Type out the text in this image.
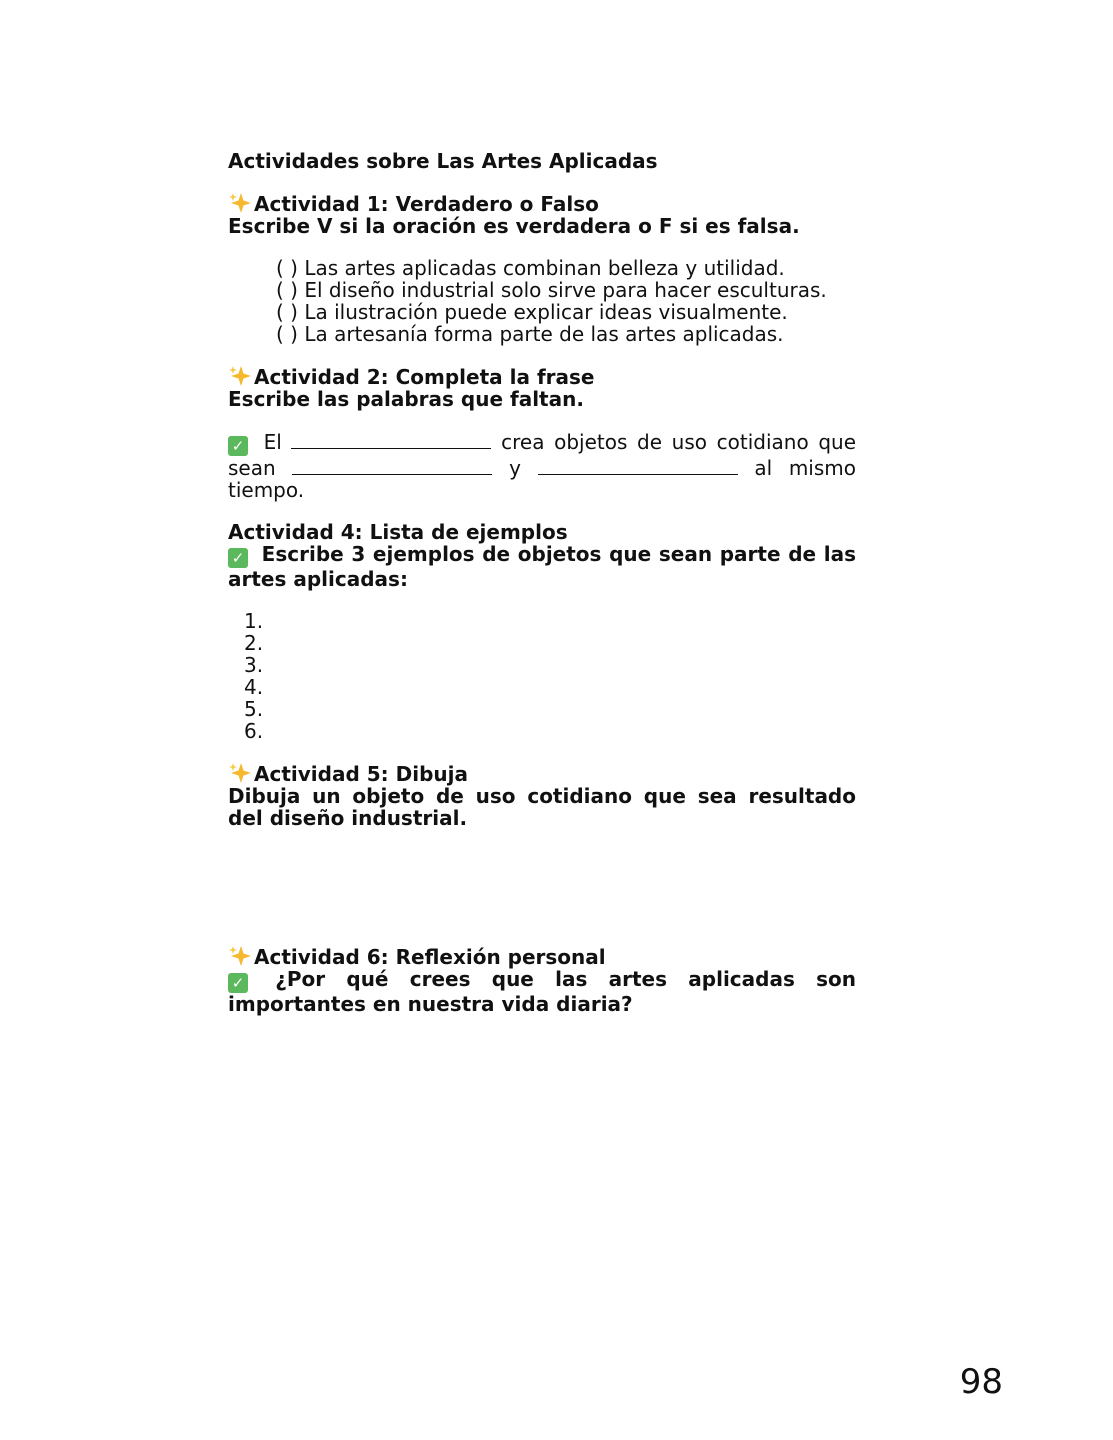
Actividades sobre Las Artes Aplicadas
Actividad 1: Verdadero o Falso
Escribe V si la oración es verdadera o F si es falsa.
( ) Las artes aplicadas combinan belleza y utilidad.
( ) El diseño industrial solo sirve para hacer esculturas.
( ) La ilustración puede explicar ideas visualmente.
( ) La artesanía forma parte de las artes aplicadas.
Actividad 2: Completa la frase
Escribe las palabras que faltan.
✓ El	crea objetos de uso cotidiano que sean	y	al mismo tiempo.
Actividad 4: Lista de ejemplos
✓ Escribe 3 ejemplos de objetos que sean parte de las artes aplicadas:
1.
2.
3.
4.
5.
6.
Actividad 5: Dibuja
Dibuja un objeto de uso cotidiano que sea resultado del diseño industrial.
Actividad 6: Reflexión personal
✓ ¿Por qué crees que las artes aplicadas son importantes en nuestra vida diaria?
98
